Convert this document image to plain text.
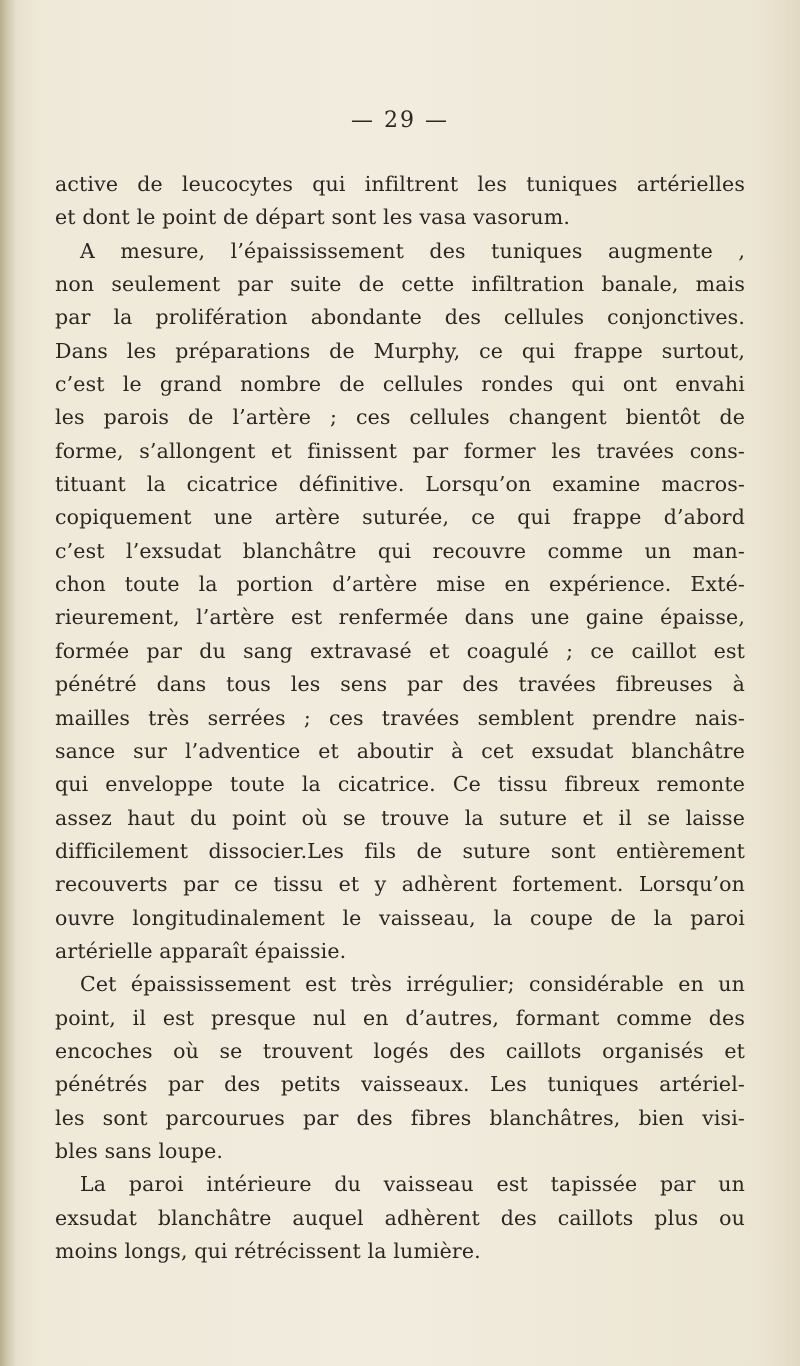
— 29 —
active de leucocytes qui infiltrent les tuniques artérielles
et dont le point de départ sont les vasa vasorum.
A mesure, l’épaississement des tuniques augmente ,
non seulement par suite de cette infiltration banale, mais
par la prolifération abondante des cellules conjonctives.
Dans les préparations de Murphy, ce qui frappe surtout,
c’est le grand nombre de cellules rondes qui ont envahi
les parois de l’artère ; ces cellules changent bientôt de
forme, s’allongent et finissent par former les travées cons-
tituant la cicatrice définitive. Lorsqu’on examine macros-
copiquement une artère suturée, ce qui frappe d’abord
c’est l’exsudat blanchâtre qui recouvre comme un man-
chon toute la portion d’artère mise en expérience. Exté-
rieurement, l’artère est renfermée dans une gaine épaisse,
formée par du sang extravasé et coagulé ; ce caillot est
pénétré dans tous les sens par des travées fibreuses à
mailles très serrées ; ces travées semblent prendre nais-
sance sur l’adventice et aboutir à cet exsudat blanchâtre
qui enveloppe toute la cicatrice. Ce tissu fibreux remonte
assez haut du point où se trouve la suture et il se laisse
difficilement dissocier.Les fils de suture sont entièrement
recouverts par ce tissu et y adhèrent fortement. Lorsqu’on
ouvre longitudinalement le vaisseau, la coupe de la paroi
artérielle apparaît épaissie.
Cet épaississement est très irrégulier; considérable en un
point, il est presque nul en d’autres, formant comme des
encoches où se trouvent logés des caillots organisés et
pénétrés par des petits vaisseaux. Les tuniques artériel-
les sont parcourues par des fibres blanchâtres, bien visi-
bles sans loupe.
La paroi intérieure du vaisseau est tapissée par un
exsudat blanchâtre auquel adhèrent des caillots plus ou
moins longs, qui rétrécissent la lumière.
